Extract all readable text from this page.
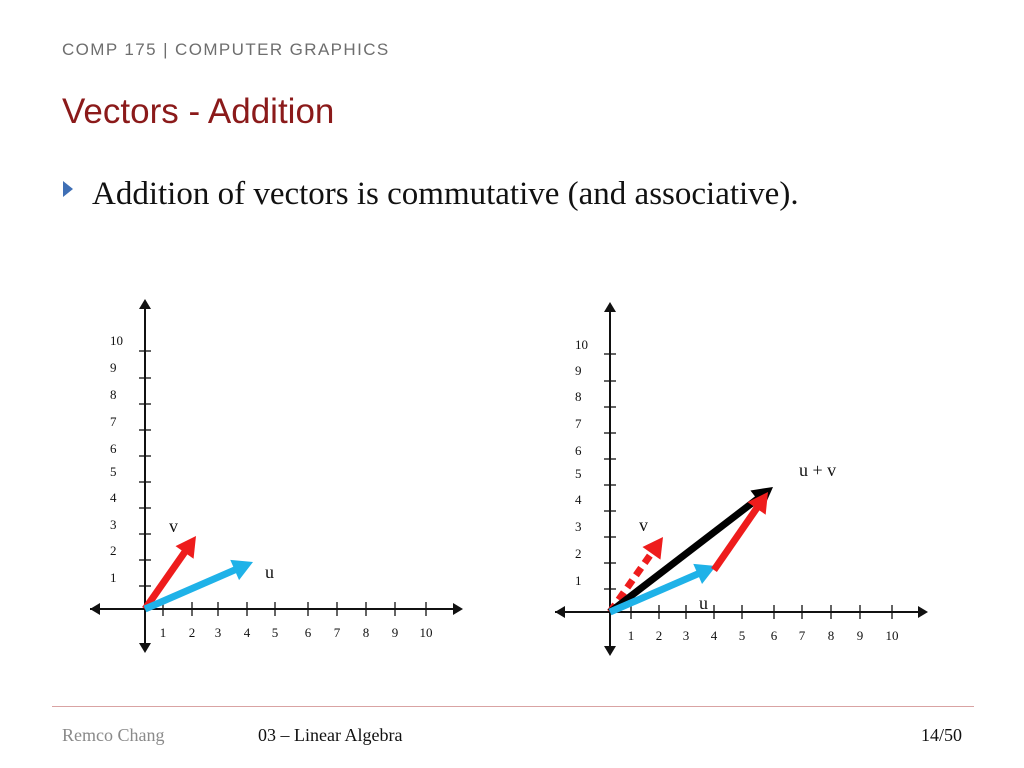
COMP 175 | COMPUTER GRAPHICS
Vectors - Addition
Addition of vectors is commutative (and associative).
1 2 3 4 5 6 7 8 9 10
1
2
3
4
5
6
7
8
9
10
v
u
1 2 3 4 5 6 7 8 9 10
1
2
3
4
5
6
7
8
9
10
v
u
u + v
Remco Chang	03 – Linear Algebra	14/50
